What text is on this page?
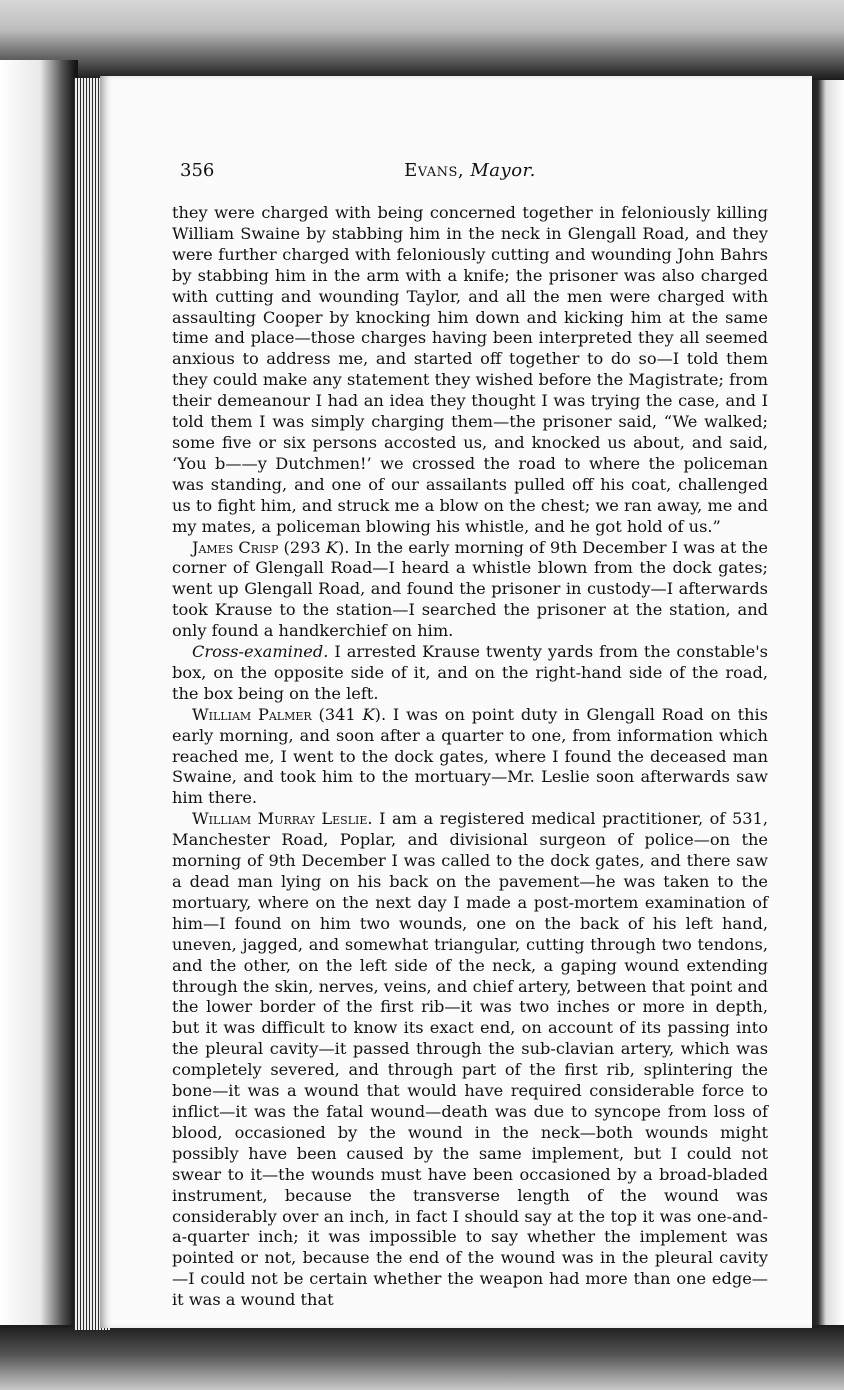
356	Evans, Mayor.

they were charged with being concerned together in feloniously killing William Swaine by stabbing him in the neck in Glengall Road, and they were further charged with feloniously cutting and wounding John Bahrs by stabbing him in the arm with a knife; the prisoner was also charged with cutting and wounding Taylor, and all the men were charged with assaulting Cooper by knocking him down and kicking him at the same time and place—those charges having been interpreted they all seemed anxious to address me, and started off together to do so—I told them they could make any statement they wished before the Magistrate; from their demeanour I had an idea they thought I was trying the case, and I told them I was simply charging them—the prisoner said, “We walked; some five or six persons accosted us, and knocked us about, and said, ‘You b——y Dutchmen!’ we crossed the road to where the policeman was standing, and one of our assailants pulled off his coat, challenged us to fight him, and struck me a blow on the chest; we ran away, me and my mates, a policeman blowing his whistle, and he got hold of us.”

James Crisp (293 K). In the early morning of 9th December I was at the corner of Glengall Road—I heard a whistle blown from the dock gates; went up Glengall Road, and found the prisoner in custody—I afterwards took Krause to the station—I searched the prisoner at the station, and only found a handkerchief on him.

Cross-examined. I arrested Krause twenty yards from the constable's box, on the opposite side of it, and on the right-hand side of the road, the box being on the left.

William Palmer (341 K). I was on point duty in Glengall Road on this early morning, and soon after a quarter to one, from information which reached me, I went to the dock gates, where I found the deceased man Swaine, and took him to the mortuary—Mr. Leslie soon afterwards saw him there.

William Murray Leslie. I am a registered medical practitioner, of 531, Manchester Road, Poplar, and divisional surgeon of police—on the morning of 9th December I was called to the dock gates, and there saw a dead man lying on his back on the pavement—he was taken to the mortuary, where on the next day I made a post-mortem examination of him—I found on him two wounds, one on the back of his left hand, uneven, jagged, and somewhat triangular, cutting through two tendons, and the other, on the left side of the neck, a gaping wound extending through the skin, nerves, veins, and chief artery, between that point and the lower border of the first rib—it was two inches or more in depth, but it was difficult to know its exact end, on account of its passing into the pleural cavity—it passed through the sub-clavian artery, which was completely severed, and through part of the first rib, splintering the bone—it was a wound that would have required considerable force to inflict—it was the fatal wound—death was due to syncope from loss of blood, occasioned by the wound in the neck—both wounds might possibly have been caused by the same implement, but I could not swear to it—the wounds must have been occasioned by a broad-bladed instrument, because the transverse length of the wound was considerably over an inch, in fact I should say at the top it was one-and-a-quarter inch; it was impossible to say whether the implement was pointed or not, because the end of the wound was in the pleural cavity—I could not be certain whether the weapon had more than one edge—it was a wound that
